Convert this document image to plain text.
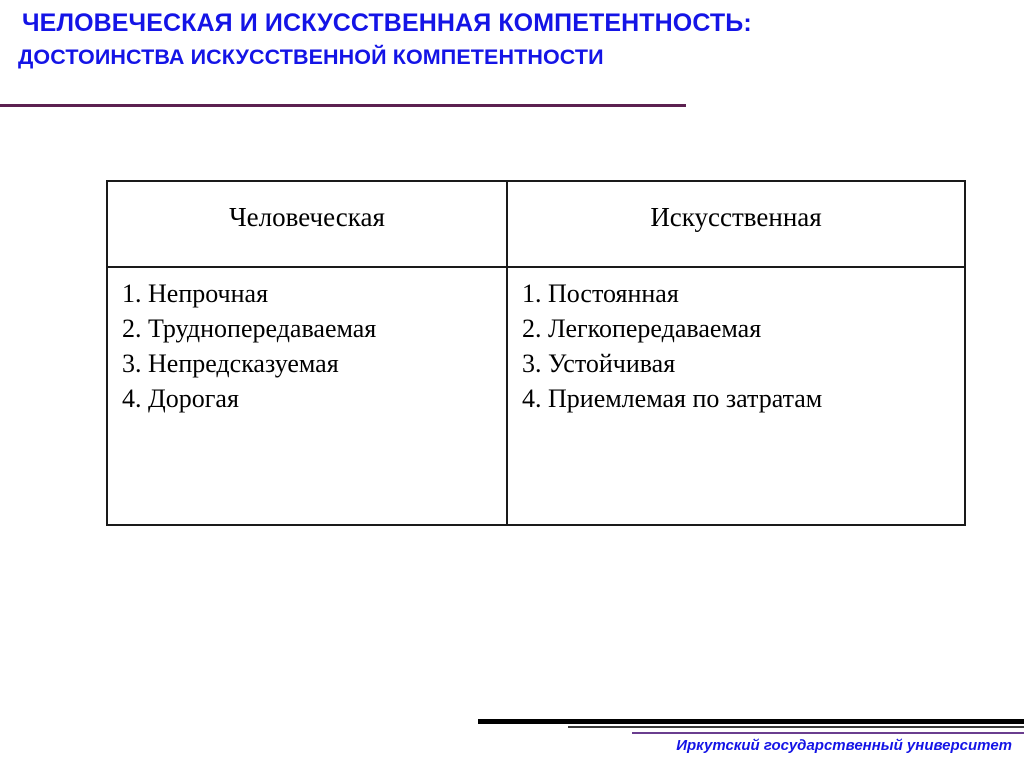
ЧЕЛОВЕЧЕСКАЯ И ИСКУССТВЕННАЯ КОМПЕТЕНТНОСТЬ:
ДОСТОИНСТВА ИСКУССТВЕННОЙ КОМПЕТЕНТНОСТИ
Человеческая	Искусственная

1. Непрочная
2. Труднопередаваемая
3. Непредсказуемая
4. Дорогая

1. Постоянная
2. Легкопередаваемая
3. Устойчивая
4. Приемлемая по затратам
Иркутский государственный университет
